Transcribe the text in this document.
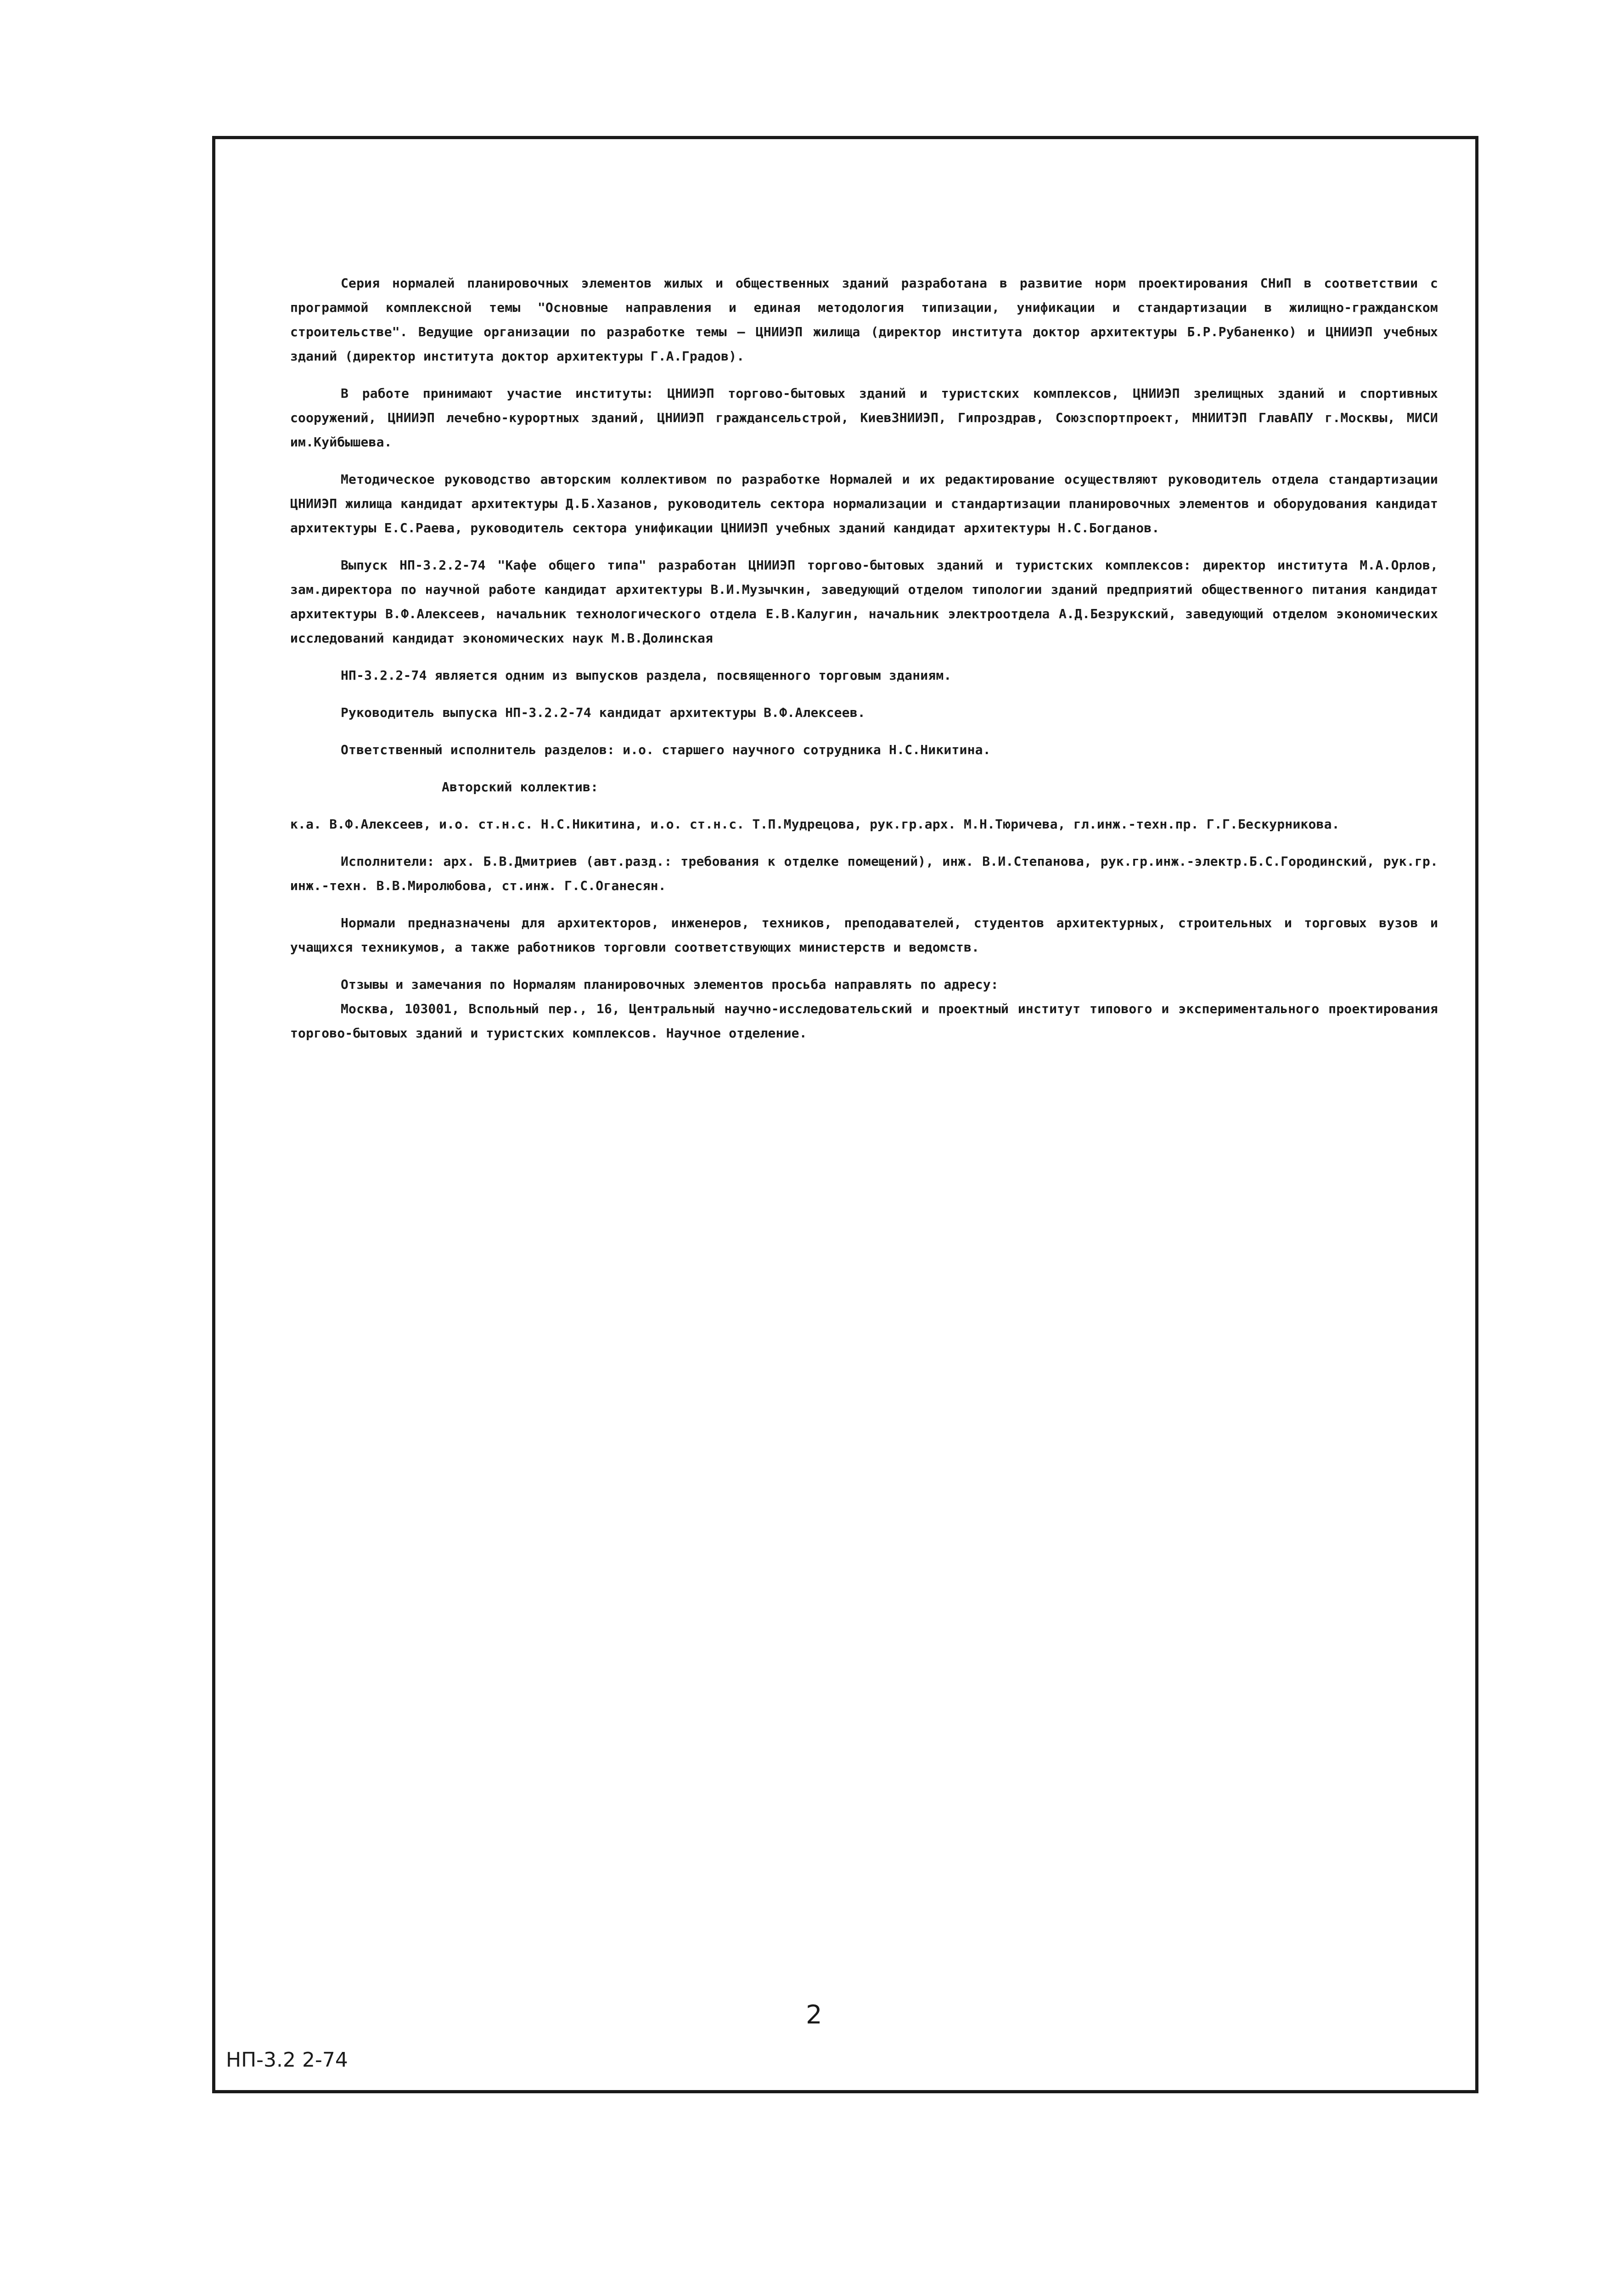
Серия нормалей планировочных элементов жилых и общественных зданий разработана в развитие норм проектирования СНиП в соответствии с программой комплексной темы "Основные направления и единая методология типизации, унификации и стандартизации в жилищно-гражданском строительстве". Ведущие организации по разработке темы – ЦНИИЭП жилища (директор института доктор архитектуры Б.Р.Рубаненко) и ЦНИИЭП учебных зданий (директор института доктор архитектуры Г.А.Градов).

В работе принимают участие институты: ЦНИИЭП торгово-бытовых зданий и туристских комплексов, ЦНИИЭП зрелищных зданий и спортивных сооружений, ЦНИИЭП лечебно-курортных зданий, ЦНИИЭП граждансельстрой, КиевЗНИИЭП, Гипроздрав, Союзспортпроект, МНИИТЭП ГлавАПУ г.Москвы, МИСИ им.Куйбышева.

Методическое руководство авторским коллективом по разработке Нормалей и их редактирование осуществляют руководитель отдела стандартизации ЦНИИЭП жилища кандидат архитектуры Д.Б.Хазанов, руководитель сектора нормализации и стандартизации планировочных элементов и оборудования кандидат архитектуры Е.С.Раева, руководитель сектора унификации ЦНИИЭП учебных зданий кандидат архитектуры Н.С.Богданов.

Выпуск НП-3.2.2-74 "Кафе общего типа" разработан ЦНИИЭП торгово-бытовых зданий и туристских комплексов: директор института М.А.Орлов, зам.директора по научной работе кандидат архитектуры В.И.Музычкин, заведующий отделом типологии зданий предприятий общественного питания кандидат архитектуры В.Ф.Алексеев, начальник технологического отдела Е.В.Калугин, начальник электроотдела А.Д.Безрукский, заведующий отделом экономических исследований кандидат экономических наук М.В.Долинская

НП-3.2.2-74 является одним из выпусков раздела, посвященного торговым зданиям.

Руководитель выпуска НП-3.2.2-74 кандидат архитектуры В.Ф.Алексеев.

Ответственный исполнитель разделов: и.о. старшего научного сотрудника Н.С.Никитина.

Авторский коллектив:

к.а. В.Ф.Алексеев, и.о. ст.н.с. Н.С.Никитина, и.о. ст.н.с. Т.П.Мудрецова, рук.гр.арх. М.Н.Тюричева, гл.инж.-техн.пр. Г.Г.Бескурникова.

Исполнители: арх. Б.В.Дмитриев (авт.разд.: требования к отделке помещений), инж. В.И.Степанова, рук.гр.инж.-электр.Б.С.Городинский, рук.гр. инж.-техн. В.В.Миролюбова, ст.инж. Г.С.Оганесян.

Нормали предназначены для архитекторов, инженеров, техников, преподавателей, студентов архитектурных, строительных и торговых вузов и учащихся техникумов, а также работников торговли соответствующих министерств и ведомств.

Отзывы и замечания по Нормалям планировочных элементов просьба направлять по адресу:

Москва, 103001, Вспольный пер., 16, Центральный научно-исследовательский и проектный институт типового и экспериментального проектирования торгово-бытовых зданий и туристских комплексов. Научное отделение.

2
НП-3.2 2-74
